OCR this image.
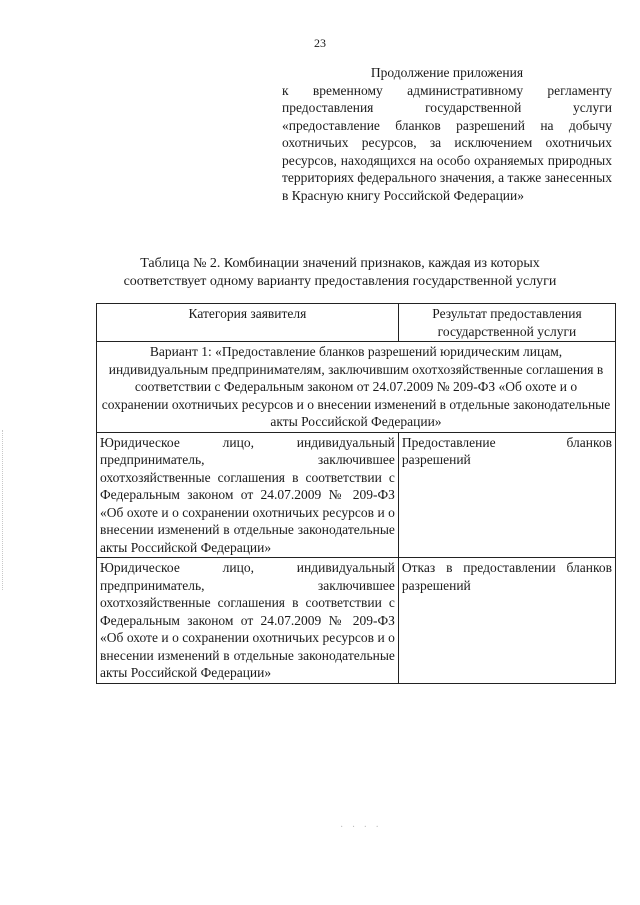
23
Продолжение приложения
к временному административному регламенту предоставления государственной услуги «предоставление бланков разрешений на добычу охотничьих ресурсов, за исключением охотничьих ресурсов, находящихся на особо охраняемых природных территориях федерального значения, а также занесенных в Красную книгу Российской Федерации»
Таблица № 2. Комбинации значений признаков, каждая из которых
соответствует одному варианту предоставления государственной услуги
Категория заявителя	Результат предоставления государственной услуги
Вариант 1: «Предоставление бланков разрешений юридическим лицам, индивидуальным предпринимателям, заключившим охотхозяйственные соглашения в соответствии с Федеральным законом от 24.07.2009 № 209-ФЗ «Об охоте и о сохранении охотничьих ресурсов и о внесении изменений в отдельные законодательные акты Российской Федерации»	
Юридическое лицо, индивидуальный предприниматель, заключившее охотхозяйственные соглашения в соответствии с Федеральным законом от 24.07.2009 № 209-ФЗ «Об охоте и о сохранении охотничьих ресурсов и о внесении изменений в отдельные законодательные акты Российской Федерации»	Предоставление бланков разрешений
Юридическое лицо, индивидуальный предприниматель, заключившее охотхозяйственные соглашения в соответствии с Федеральным законом от 24.07.2009 № 209-ФЗ «Об охоте и о сохранении охотничьих ресурсов и о внесении изменений в отдельные законодательные акты Российской Федерации»	Отказ в предоставлении бланков разрешений
· · · ·
